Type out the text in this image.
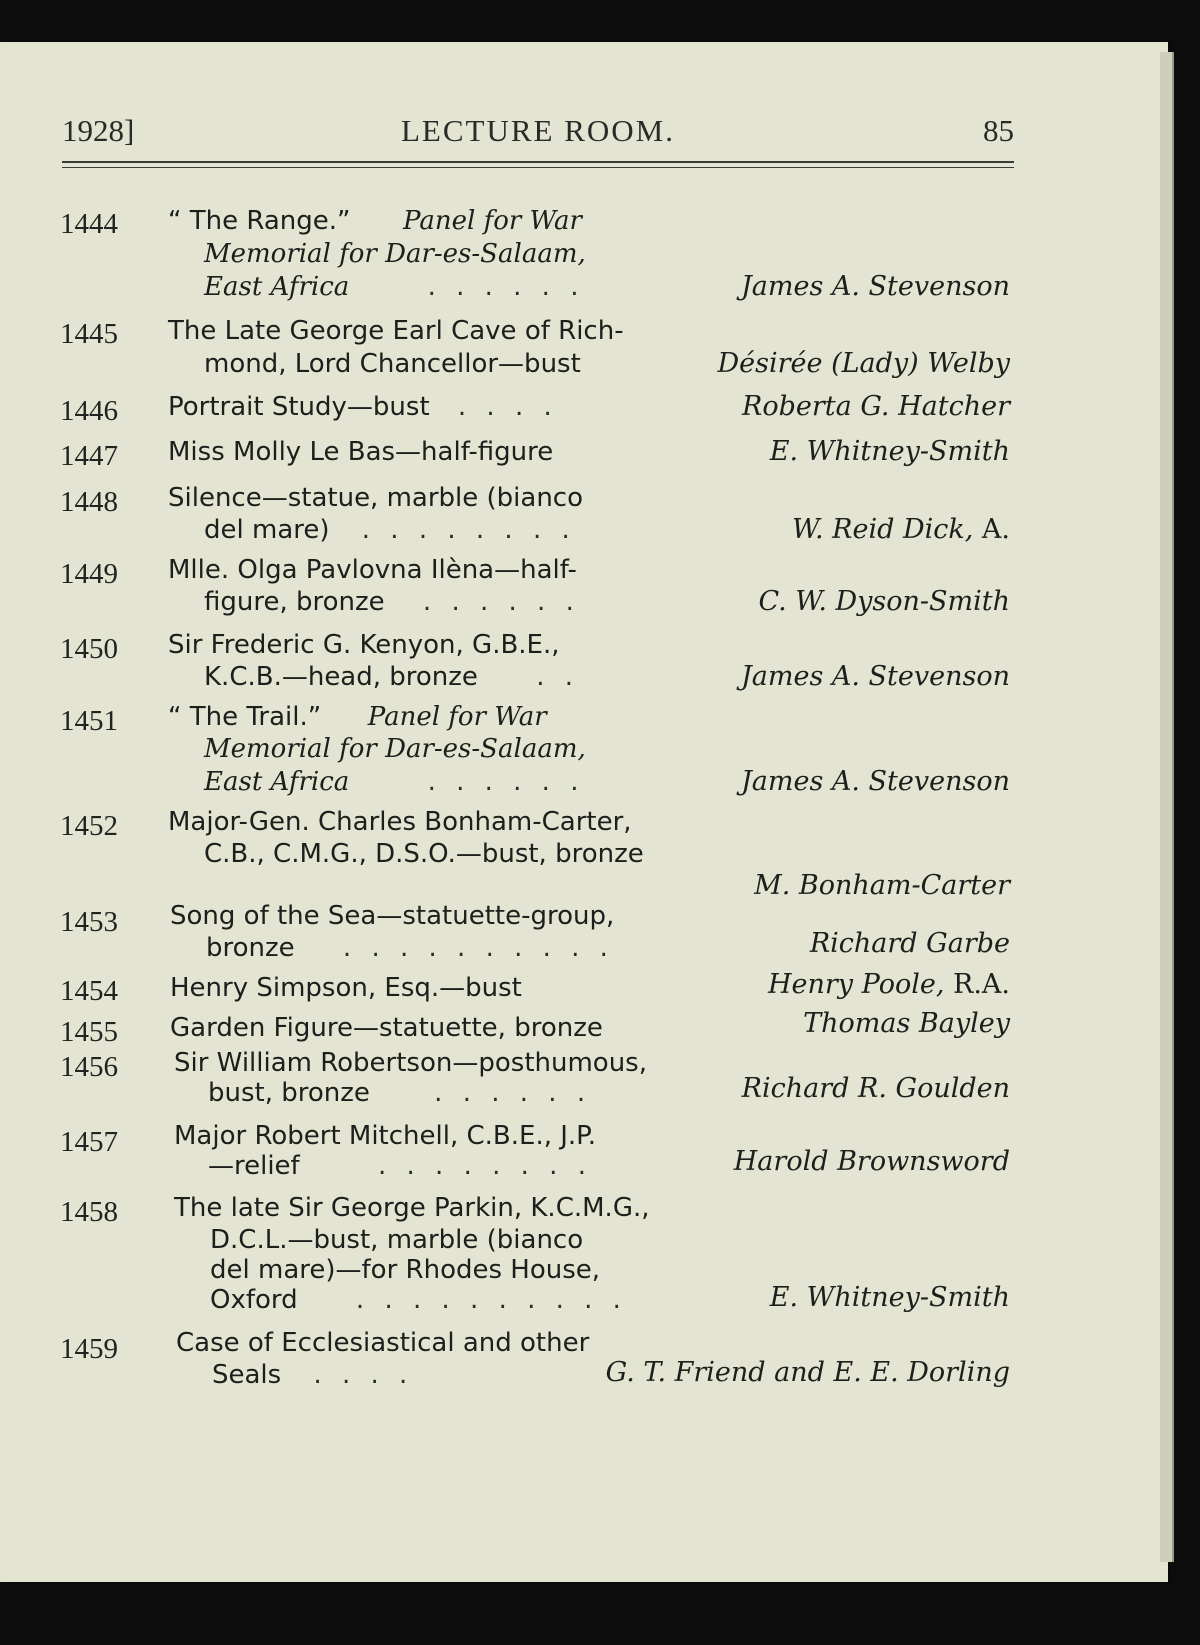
1928]	LECTURE ROOM.	85
1444 “ The Range.” Panel for War
Memorial for Dar-es-Salaam,
East Africa	. . . . . .	James A. Stevenson
1445 The Late George Earl Cave of Rich-
mond, Lord Chancellor—bust	Désirée (Lady) Welby
1446 Portrait Study—bust . . . .	Roberta G. Hatcher
1447 Miss Molly Le Bas—half-figure	E. Whitney-Smith
1448 Silence—statue, marble (bianco
del mare) . . . . . . . .	W. Reid Dick, A.
1449 Mlle. Olga Pavlovna Ilèna—half-
figure, bronze . . . . . .	C. W. Dyson-Smith
1450 Sir Frederic G. Kenyon, G.B.E.,
K.C.B.—head, bronze . .	James A. Stevenson
1451 “ The Trail.” Panel for War
Memorial for Dar-es-Salaam,
East Africa	. . . . . .	James A. Stevenson
1452 Major-Gen. Charles Bonham-Carter,
C.B., C.M.G., D.S.O.—bust, bronze
M. Bonham-Carter
1453 Song of the Sea—statuette-group,
bronze . . . . . . . . . .	Richard Garbe
1454 Henry Simpson, Esq.—bust	Henry Poole, R.A.
1455 Garden Figure—statuette, bronze	Thomas Bayley
1456 Sir William Robertson—posthumous,
bust, bronze . . . . . .	Richard R. Goulden
1457 Major Robert Mitchell, C.B.E., J.P.
—relief	. . . . . . . .	Harold Brownsword
1458 The late Sir George Parkin, K.C.M.G.,
D.C.L.—bust, marble (bianco
del mare)—for Rhodes House,
Oxford . . . . . . . . . .	E. Whitney-Smith
1459 Case of Ecclesiastical and other
Seals . . . .	G. T. Friend and E. E. Dorling
